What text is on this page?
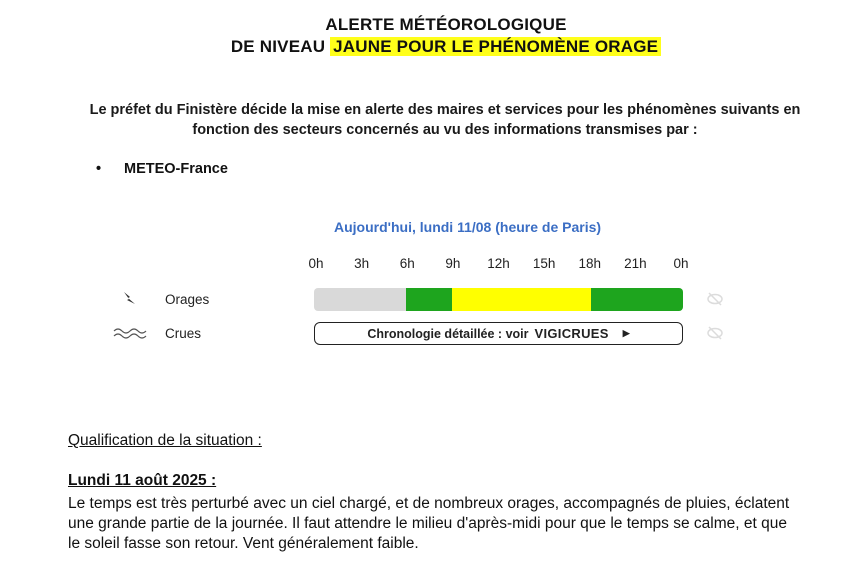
ALERTE MÉTÉOROLOGIQUE
DE NIVEAU JAUNE POUR LE PHÉNOMÈNE ORAGE
Le préfet du Finistère décide la mise en alerte des maires et services pour les phénomènes suivants en fonction des secteurs concernés au vu des informations transmises par :
• METEO-France
Aujourd'hui, lundi 11/08 (heure de Paris)
0h 3h 6h 9h 12h 15h 18h 21h 0h
Orages
Crues	Chronologie détaillée : voir VIGICRUES ▶
Qualification de la situation :
Lundi 11 août 2025 :
Le temps est très perturbé avec un ciel chargé, et de nombreux orages, accompagnés de pluies, éclatent une grande partie de la journée. Il faut attendre le milieu d'après-midi pour que le temps se calme, et que le soleil fasse son retour. Vent généralement faible.
